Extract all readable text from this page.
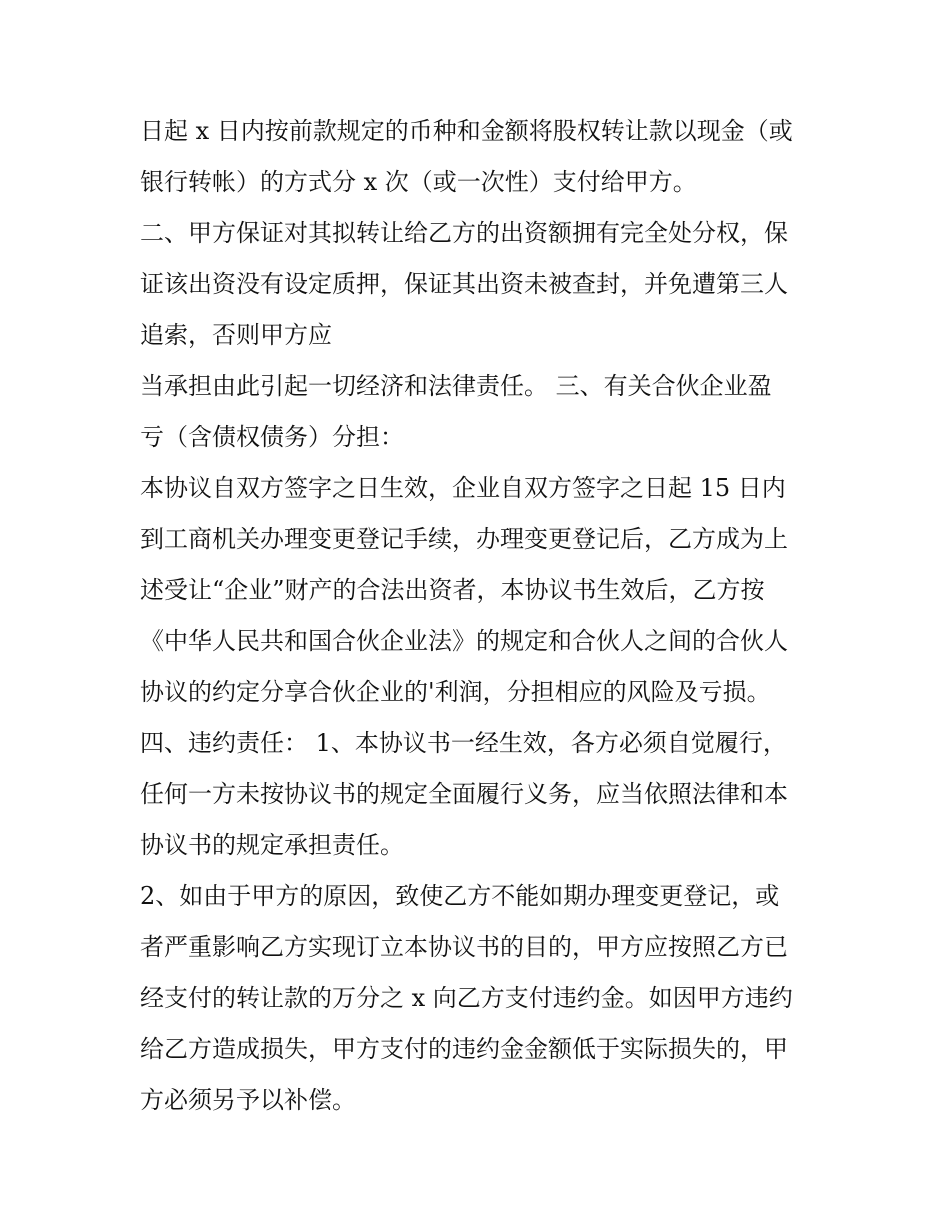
日起 x 日内按前款规定的币种和金额将股权转让款以现金（或
银行转帐）的方式分 x 次（或一次性）支付给甲方。
二、甲方保证对其拟转让给乙方的出资额拥有完全处分权，保
证该出资没有设定质押，保证其出资未被查封，并免遭第三人
追索，否则甲方应
当承担由此引起一切经济和法律责任。 三、有关合伙企业盈
亏（含债权债务）分担：
本协议自双方签字之日生效，企业自双方签字之日起 15 日内
到工商机关办理变更登记手续，办理变更登记后，乙方成为上
述受让“企业”财产的合法出资者，本协议书生效后，乙方按
《中华人民共和国合伙企业法》的规定和合伙人之间的合伙人
协议的约定分享合伙企业的'利润，分担相应的风险及亏损。
四、违约责任： 1、本协议书一经生效，各方必须自觉履行，
任何一方未按协议书的规定全面履行义务，应当依照法律和本
协议书的规定承担责任。
2、如由于甲方的原因，致使乙方不能如期办理变更登记，或
者严重影响乙方实现订立本协议书的目的，甲方应按照乙方已
经支付的转让款的万分之 x 向乙方支付违约金。如因甲方违约
给乙方造成损失，甲方支付的违约金金额低于实际损失的，甲
方必须另予以补偿。
